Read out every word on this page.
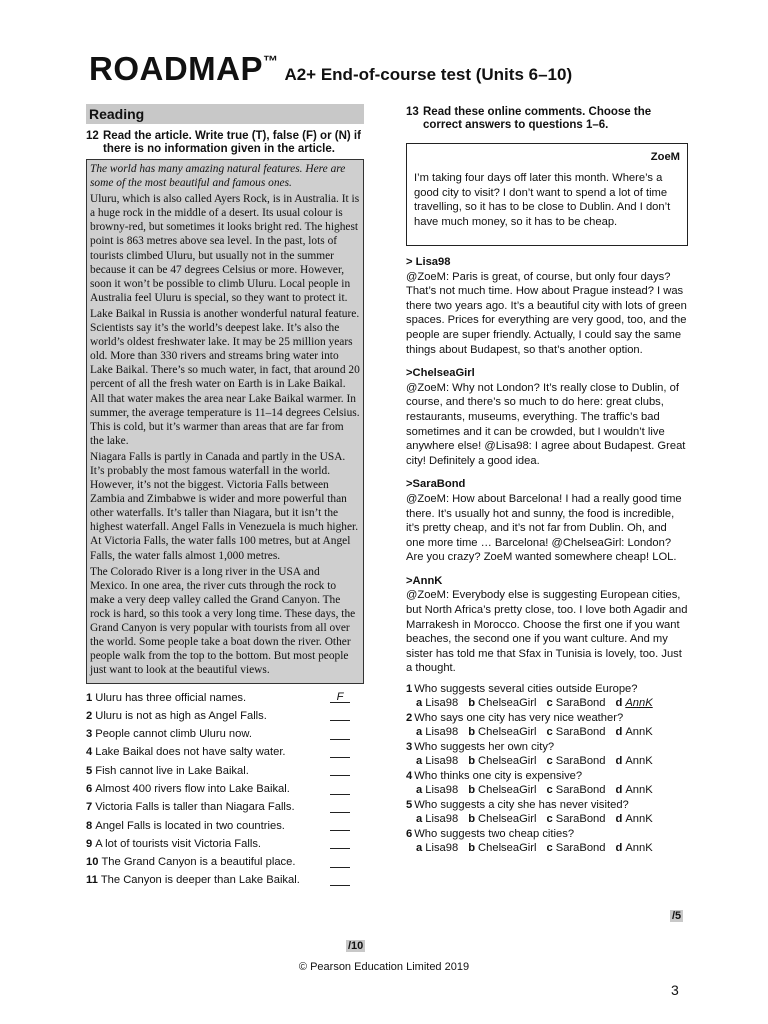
ROADMAP™ A2+ End-of-course test (Units 6–10)
Reading
12 Read the article. Write true (T), false (F) or (N) if there is no information given in the article.

The world has many amazing natural features. Here are some of the most beautiful and famous ones.

Uluru, which is also called Ayers Rock, is in Australia. It is a huge rock in the middle of a desert. Its usual colour is browny-red, but sometimes it looks bright red. The highest point is 863 metres above sea level. In the past, lots of tourists climbed Uluru, but usually not in the summer because it can be 47 degrees Celsius or more. However, soon it won’t be possible to climb Uluru. Local people in Australia feel Uluru is special, so they want to protect it.

Lake Baikal in Russia is another wonderful natural feature. Scientists say it’s the world’s deepest lake. It’s also the world’s oldest freshwater lake. It may be 25 million years old. More than 330 rivers and streams bring water into Lake Baikal. There’s so much water, in fact, that around 20 percent of all the fresh water on Earth is in Lake Baikal. All that water makes the area near Lake Baikal warmer. In summer, the average temperature is 11–14 degrees Celsius. This is cold, but it’s warmer than areas that are far from the lake.

Niagara Falls is partly in Canada and partly in the USA. It’s probably the most famous waterfall in the world. However, it’s not the biggest. Victoria Falls between Zambia and Zimbabwe is wider and more powerful than other waterfalls. It’s taller than Niagara, but it isn’t the highest waterfall. Angel Falls in Venezuela is much higher. At Victoria Falls, the water falls 100 metres, but at Angel Falls, the water falls almost 1,000 metres.

The Colorado River is a long river in the USA and Mexico. In one area, the river cuts through the rock to make a very deep valley called the Grand Canyon. The rock is hard, so this took a very long time. These days, the Grand Canyon is very popular with tourists from all over the world. Some people take a boat down the river. Other people walk from the top to the bottom. But most people just want to look at the beautiful views.

1 Uluru has three official names.	F
2 Uluru is not as high as Angel Falls.
3 People cannot climb Uluru now.
4 Lake Baikal does not have salty water.
5 Fish cannot live in Lake Baikal.
6 Almost 400 rivers flow into Lake Baikal.
7 Victoria Falls is taller than Niagara Falls.
8 Angel Falls is located in two countries.
9 A lot of tourists visit Victoria Falls.
10 The Grand Canyon is a beautiful place.
11 The Canyon is deeper than Lake Baikal.
/10
13 Read these online comments. Choose the correct answers to questions 1–6.
ZoeM
I’m taking four days off later this month. Where’s a good city to visit? I don’t want to spend a lot of time travelling, so it has to be close to Dublin. And I don’t have much money, so it has to be cheap.
> Lisa98
@ZoeM: Paris is great, of course, but only four days? That’s not much time. How about Prague instead? I was there two years ago. It’s a beautiful city with lots of green spaces. Prices for everything are very good, too, and the people are super friendly. Actually, I could say the same things about Budapest, so that’s another option.
>ChelseaGirl
@ZoeM: Why not London? It’s really close to Dublin, of course, and there’s so much to do here: great clubs, restaurants, museums, everything. The traffic’s bad sometimes and it can be crowded, but I wouldn’t live anywhere else! @Lisa98: I agree about Budapest. Great city! Definitely a good idea.
>SaraBond
@ZoeM: How about Barcelona! I had a really good time there. It’s usually hot and sunny, the food is incredible, it’s pretty cheap, and it’s not far from Dublin. Oh, and one more time … Barcelona! @ChelseaGirl: London? Are you crazy? ZoeM wanted somewhere cheap! LOL.
>AnnK
@ZoeM: Everybody else is suggesting European cities, but North Africa’s pretty close, too. I love both Agadir and Marrakesh in Morocco. Choose the first one if you want beaches, the second one if you want culture. And my sister has told me that Sfax in Tunisia is lovely, too. Just a thought.
1 Who suggests several cities outside Europe?
a Lisa98 b ChelseaGirl c SaraBond d AnnK
2 Who says one city has very nice weather?
a Lisa98 b ChelseaGirl c SaraBond d AnnK
3 Who suggests her own city?
a Lisa98 b ChelseaGirl c SaraBond d AnnK
4 Who thinks one city is expensive?
a Lisa98 b ChelseaGirl c SaraBond d AnnK
5 Who suggests a city she has never visited?
a Lisa98 b ChelseaGirl c SaraBond d AnnK
6 Who suggests two cheap cities?
a Lisa98 b ChelseaGirl c SaraBond d AnnK
/5
© Pearson Education Limited 2019
3
